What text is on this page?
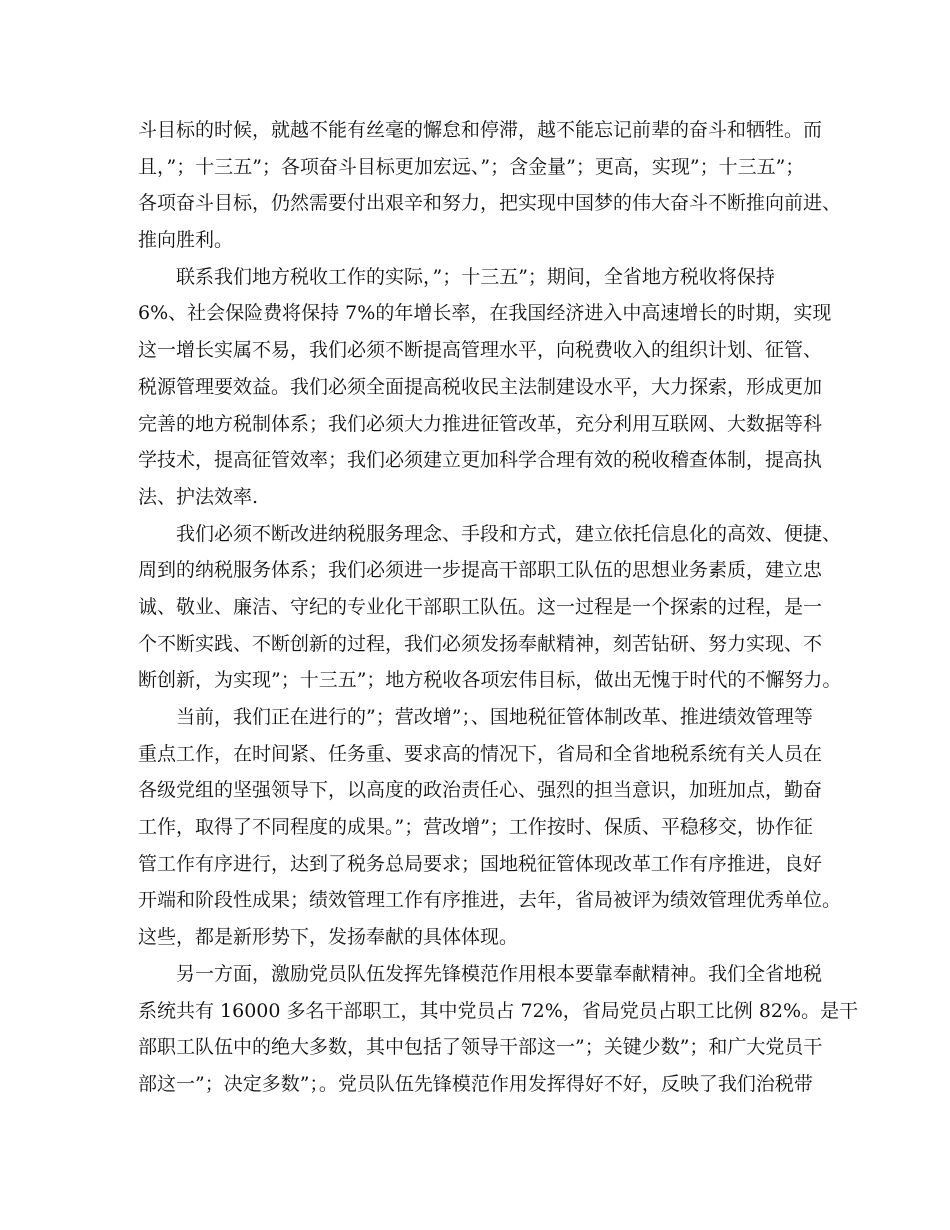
斗目标的时候，就越不能有丝毫的懈怠和停滞，越不能忘记前辈的奋斗和牺牲。而
且，”；十三五”；各项奋斗目标更加宏远、”；含金量”；更高，实现”；十三五”；
各项奋斗目标，仍然需要付出艰辛和努力，把实现中国梦的伟大奋斗不断推向前进、
推向胜利。
联系我们地方税收工作的实际，”；十三五”；期间，全省地方税收将保持
6%、社会保险费将保持 7%的年增长率，在我国经济进入中高速增长的时期，实现
这一增长实属不易，我们必须不断提高管理水平，向税费收入的组织计划、征管、
税源管理要效益。我们必须全面提高税收民主法制建设水平，大力探索，形成更加
完善的地方税制体系；我们必须大力推进征管改革，充分利用互联网、大数据等科
学技术，提高征管效率；我们必须建立更加科学合理有效的税收稽查体制，提高执
法、护法效率.
我们必须不断改进纳税服务理念、手段和方式，建立依托信息化的高效、便捷、
周到的纳税服务体系；我们必须进一步提高干部职工队伍的思想业务素质，建立忠
诚、敬业、廉洁、守纪的专业化干部职工队伍。这一过程是一个探索的过程，是一
个不断实践、不断创新的过程，我们必须发扬奉献精神，刻苦钻研、努力实现、不
断创新，为实现”；十三五”；地方税收各项宏伟目标，做出无愧于时代的不懈努力。
当前，我们正在进行的”；营改增”；、国地税征管体制改革、推进绩效管理等
重点工作，在时间紧、任务重、要求高的情况下，省局和全省地税系统有关人员在
各级党组的坚强领导下，以高度的政治责任心、强烈的担当意识，加班加点，勤奋
工作，取得了不同程度的成果。”；营改增”；工作按时、保质、平稳移交，协作征
管工作有序进行，达到了税务总局要求；国地税征管体现改革工作有序推进，良好
开端和阶段性成果；绩效管理工作有序推进，去年，省局被评为绩效管理优秀单位。
这些，都是新形势下，发扬奉献的具体体现。
另一方面，激励党员队伍发挥先锋模范作用根本要靠奉献精神。我们全省地税
系统共有 16000 多名干部职工，其中党员占 72%，省局党员占职工比例 82%。是干
部职工队伍中的绝大多数，其中包括了领导干部这一”；关键少数”；和广大党员干
部这一”；决定多数”；。党员队伍先锋模范作用发挥得好不好，反映了我们治税带
